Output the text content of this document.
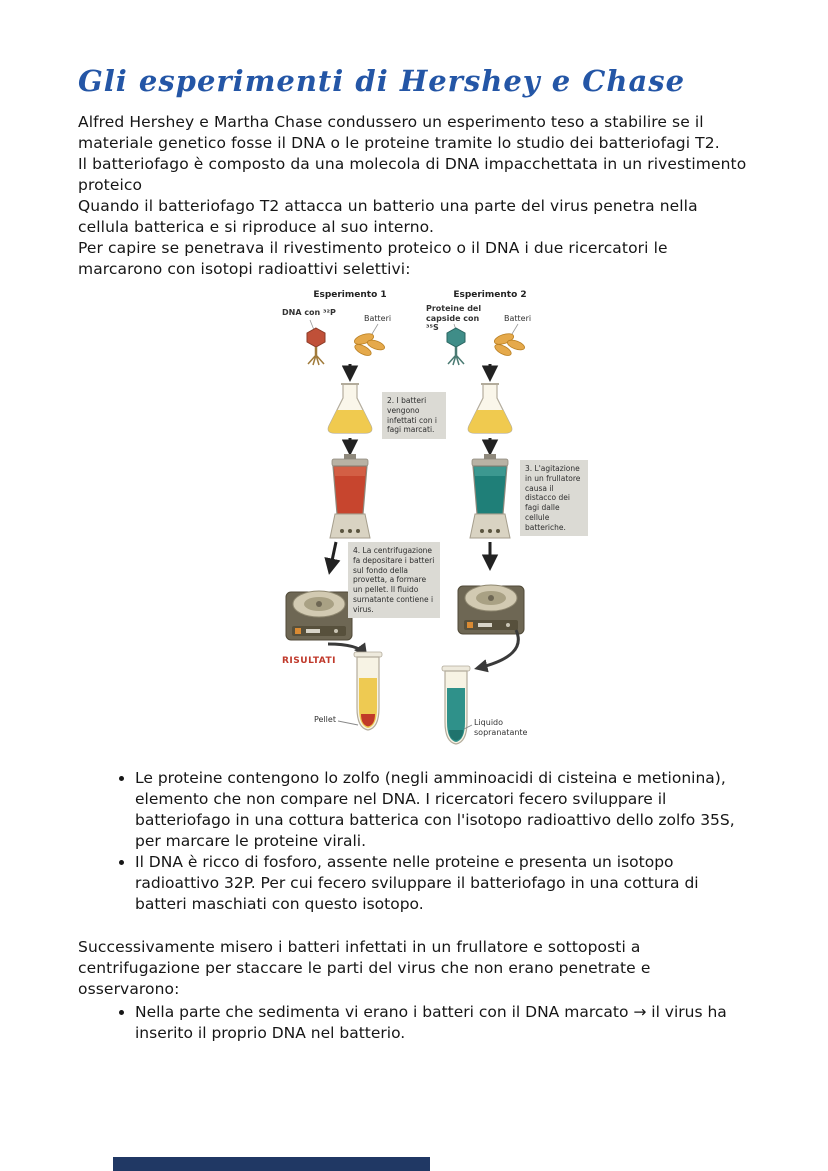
Gli esperimenti di Hershey e Chase

Alfred Hershey e Martha Chase condussero un esperimento teso a stabilire se il materiale genetico fosse il DNA o le proteine tramite lo studio dei batteriofagi T2.

Il batteriofago è composto da una molecola di DNA impacchettata in un rivestimento proteico

Quando il batteriofago T2 attacca un batterio una parte del virus penetra nella cellula batterica e si riproduce al suo interno.

Per capire se penetrava il rivestimento proteico o il DNA i due ricercatori le marcarono con isotopi radioattivi selettivi:

Esperimento 1	Esperimento 2
DNA con ³²P
Batteri
Proteine del capside con ³⁵S
Batteri
2. I batteri vengono infettati con i fagi marcati.
3. L'agitazione in un frullatore causa il distacco dei fagi dalle cellule batteriche.
4. La centrifugazione fa depositare i batteri sul fondo della provetta, a formare un pellet. Il fluido surnatante contiene i virus.
RISULTATI
Pellet	Liquido sopranatante
• Le proteine contengono lo zolfo (negli amminoacidi di cisteina e metionina), elemento che non compare nel DNA. I ricercatori fecero sviluppare il batteriofago in una cottura batterica con l'isotopo radioattivo dello zolfo 35S, per marcare le proteine virali.
• Il DNA è ricco di fosforo, assente nelle proteine e presenta un isotopo radioattivo 32P. Per cui fecero sviluppare il batteriofago in una cottura di batteri maschiati con questo isotopo.

Successivamente misero i batteri infettati in un frullatore e sottoposti a centrifugazione per staccare le parti del virus che non erano penetrate e osservarono:

• Nella parte che sedimenta vi erano i batteri con il DNA marcato → il virus ha inserito il proprio DNA nel batterio.
